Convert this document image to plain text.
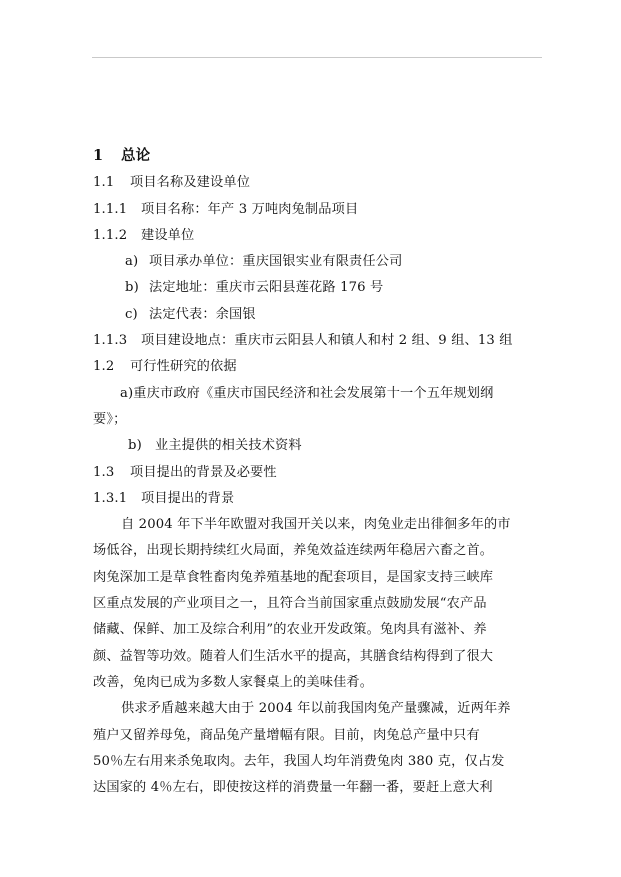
1 总论
1.1 项目名称及建设单位
1.1.1 项目名称：年产 3 万吨肉兔制品项目
1.1.2 建设单位
a) 项目承办单位：重庆国银实业有限责任公司
b) 法定地址：重庆市云阳县莲花路 176 号
c) 法定代表：余国银
1.1.3 项目建设地点：重庆市云阳县人和镇人和村 2 组、9 组、13 组
1.2 可行性研究的依据
a)重庆市政府《重庆市国民经济和社会发展第十一个五年规划纲
要》；
b) 业主提供的相关技术资料
1.3 项目提出的背景及必要性
1.3.1 项目提出的背景
自 2004 年下半年欧盟对我国开关以来，肉兔业走出徘徊多年的市
场低谷，出现长期持续红火局面，养兔效益连续两年稳居六畜之首。
肉兔深加工是草食牲畜肉兔养殖基地的配套项目，是国家支持三峡库
区重点发展的产业项目之一，且符合当前国家重点鼓励发展“农产品
储藏、保鲜、加工及综合利用”的农业开发政策。兔肉具有滋补、养
颜、益智等功效。随着人们生活水平的提高，其膳食结构得到了很大
改善，兔肉已成为多数人家餐桌上的美味佳肴。
供求矛盾越来越大由于 2004 年以前我国肉兔产量骤减，近两年养
殖户又留养母兔，商品兔产量增幅有限。目前，肉兔总产量中只有
50％左右用来杀兔取肉。去年，我国人均年消费兔肉 380 克，仅占发
达国家的 4％左右，即使按这样的消费量一年翻一番，要赶上意大利
